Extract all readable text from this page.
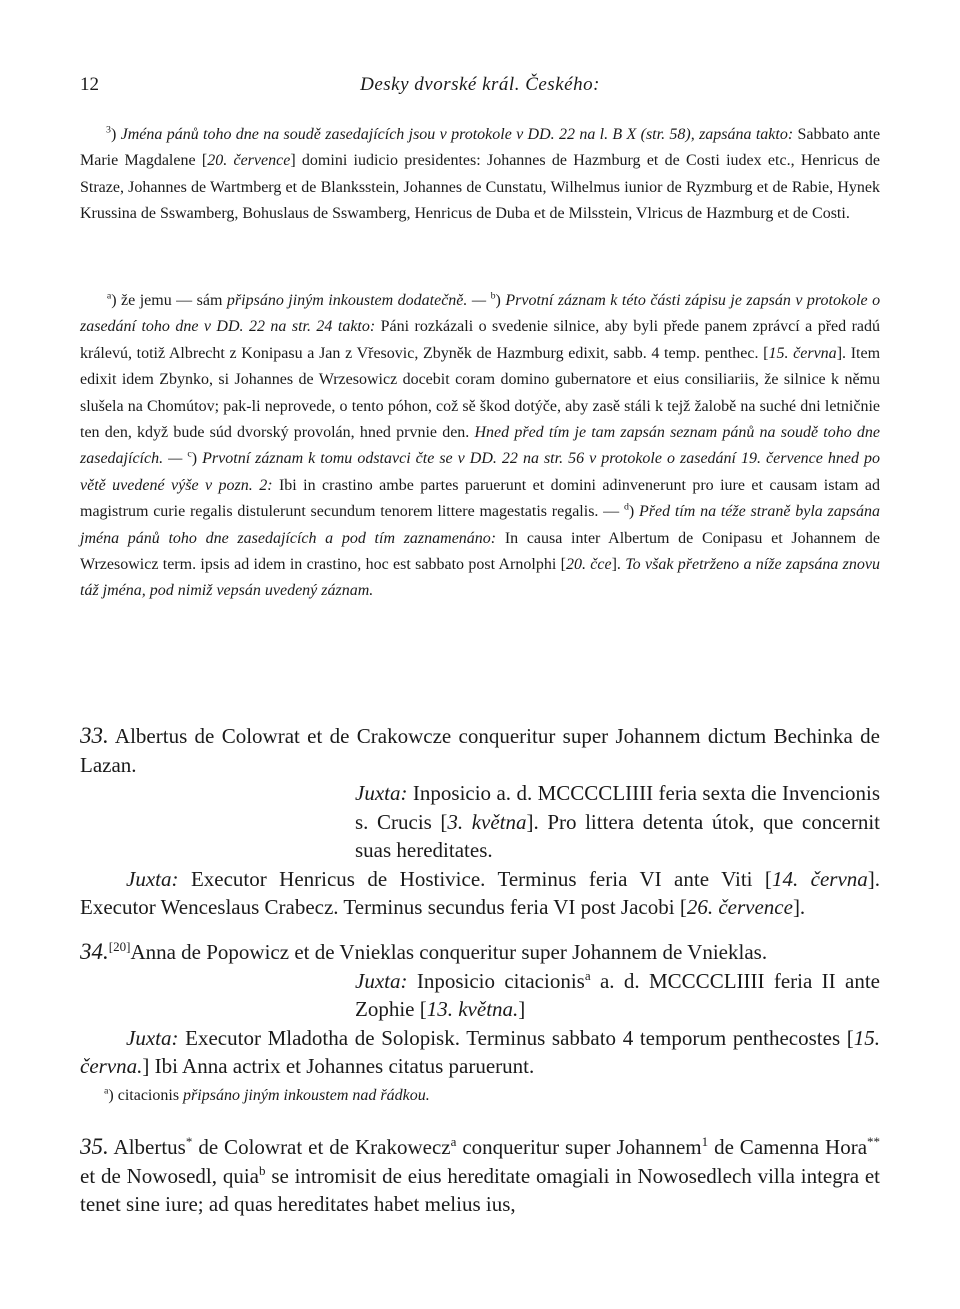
12	Desky dvorské král. Českého:

$^3$) Jména pánů toho dne na soudě zasedajících jsou v protokole v DD. 22 na l. B X (str. 58), zapsána takto: Sabbato ante Marie Magdalene [20. července] domini iudicio presidentes: Johannes de Hazmburg et de Costi iudex etc., Henricus de Straze, Johannes de Wartmberg et de Blanksstein, Johannes de Cunstatu, Wilhelmus iunior de Ryzmburg et de Rabie, Hynek Krussina de Sswamberg, Bohuslaus de Sswamberg, Henricus de Duba et de Milsstein, Vlricus de Hazmburg et de Costi.

$^a$) že jemu — sám připsáno jiným inkoustem dodatečně. — $^b$) Prvotní záznam k této části zápisu je zapsán v protokole o zasedání toho dne v DD. 22 na str. 24 takto: Páni rozkázali o svedenie silnice, aby byli přede panem zprávcí a před radú králevú, totiž Albrecht z Konipasu a Jan z Vřesovic, Zbyněk de Hazmburg edixit, sabb. 4 temp. penthec. [15. června]. Item edixit idem Zbynko, si Johannes de Wrzesowicz docebit coram domino gubernatore et eius consiliariis, že silnice k němu slušela na Chomútov; pak-li neprovede, o tento póhon, což sě škod dotýče, aby zasě stáli k tejž žalobě na suché dni letničnie ten den, když bude súd dvorský provolán, hned prvnie den. Hned před tím je tam zapsán seznam pánů na soudě toho dne zasedajících. — $^c$) Prvotní záznam k tomu odstavci čte se v DD. 22 na str. 56 v protokole o zasedání 19. července hned po větě uvedené výše v pozn. 2: Ibi in crastino ambe partes paruerunt et domini adinvenerunt pro iure et causam istam ad magistrum curie regalis distulerunt secundum tenorem littere magestatis regalis. — $^d$) Před tím na téže straně byla zapsána jména pánů toho dne zasedajících a pod tím zaznamenáno: In causa inter Albertum de Conipasu et Johannem de Wrzesowicz term. ipsis ad idem in crastino, hoc est sabbato post Arnolphi [20. čce]. To však přetrženo a níže zapsána znovu táž jména, pod nimiž vepsán uvedený záznam.

33. Albertus de Colowrat et de Crakowcze conqueritur super Johannem dictum Bechinka de Lazan.

Juxta: Inposicio a. d. MCCCCLIIII feria sexta die Invencionis s. Crucis [3. května]. Pro littera detenta útok, que concernit suas hereditates.

Juxta: Executor Henricus de Hostivice. Terminus feria VI ante Viti [14. června]. Executor Wenceslaus Crabecz. Terminus secundus feria VI post Jacobi [26. července].

34.[20]Anna de Popowicz et de Vnieklas conqueritur super Johannem de Vnieklas.

Juxta: Inposicio citacionis$^a$ a. d. MCCCCLIIII feria II ante Zophie [13. května.]

Juxta: Executor Mladotha de Solopisk. Terminus sabbato 4 temporum penthecostes [15. června.] Ibi Anna actrix et Johannes citatus paruerunt.

$^a$) citacionis připsáno jiným inkoustem nad řádkou.

35. Albertus* de Colowrat et de Krakowecz$^a$ conqueritur super Johannem$^1$ de Camenna Hora** et de Nowosedl, quia$^b$ se intromisit de eius hereditate omagiali in Nowosedlech villa integra et tenet sine iure; ad quas hereditates habet melius ius,
